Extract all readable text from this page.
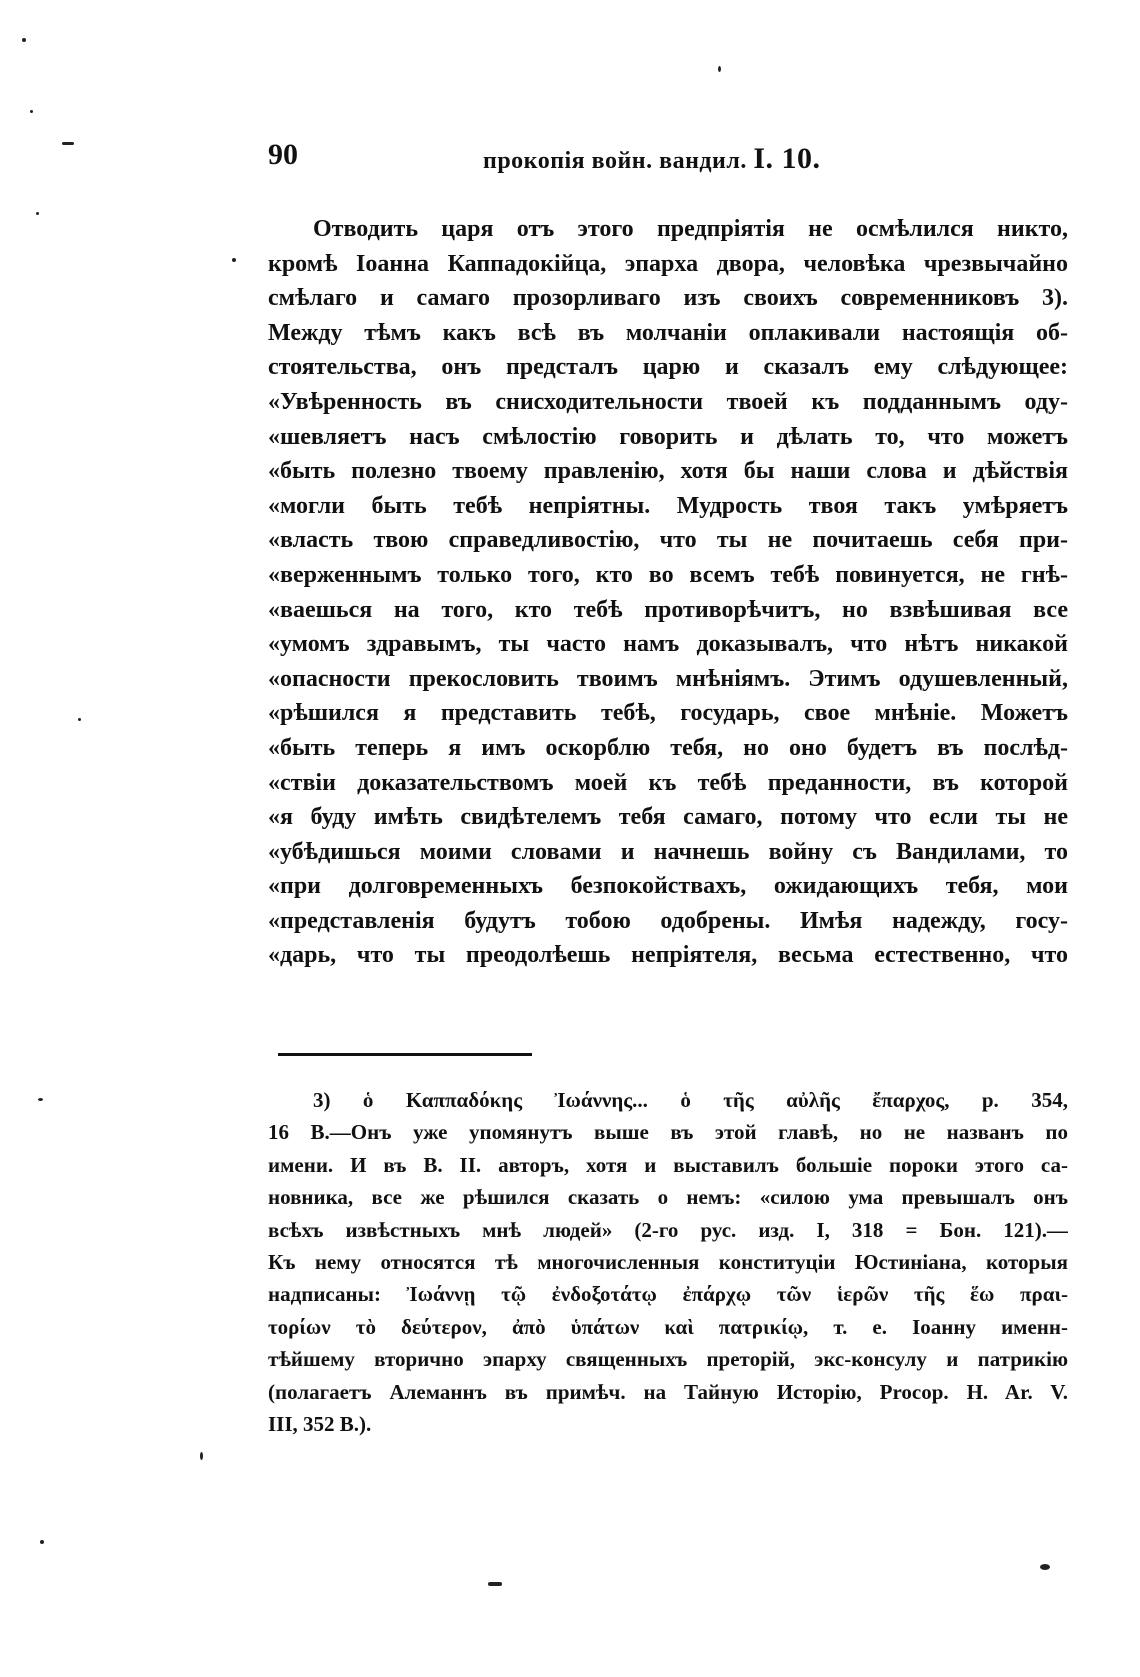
90	прокопія войн. вандил. I. 10.
Отводить царя отъ этого предпріятія не осмѣлился никто,
кромѣ Іоанна Каппадокійца, эпарха двора, человѣка чрезвычайно
смѣлаго и самаго прозорливаго изъ своихъ современниковъ 3).
Между тѣмъ какъ всѣ въ молчаніи оплакивали настоящія об-
стоятельства, онъ предсталъ царю и сказалъ ему слѣдующее:
«Увѣренность въ снисходительности твоей къ подданнымъ оду-
«шевляетъ насъ смѣлостію говорить и дѣлать то, что можетъ
«быть полезно твоему правленію, хотя бы наши слова и дѣйствія
«могли быть тебѣ непріятны. Мудрость твоя такъ умѣряетъ
«власть твою справедливостію, что ты не почитаешь себя при-
«верженнымъ только того, кто во всемъ тебѣ повинуется, не гнѣ-
«ваешься на того, кто тебѣ противорѣчитъ, но взвѣшивая все
«умомъ здравымъ, ты часто намъ доказывалъ, что нѣтъ никакой
«опасности прекословить твоимъ мнѣніямъ. Этимъ одушевленный,
«рѣшился я представить тебѣ, государь, свое мнѣніе. Можетъ
«быть теперь я имъ оскорблю тебя, но оно будетъ въ послѣд-
«ствіи доказательствомъ моей къ тебѣ преданности, въ которой
«я буду имѣть свидѣтелемъ тебя самаго, потому что если ты не
«убѣдишься моими словами и начнешь войну съ Вандилами, то
«при долговременныхъ безпокойствахъ, ожидающихъ тебя, мои
«представленія будутъ тобою одобрены. Имѣя надежду, госу-
«дарь, что ты преодолѣешь непріятеля, весьма естественно, что
3) ὁ Καππαδόκης Ἰωάννης... ὁ τῆς αὐλῆς ἔπαρχος, p. 354,
16 B.—Онъ уже упомянутъ выше въ этой главѣ, но не названъ по
имени. И въ В. II. авторъ, хотя и выставилъ большіе пороки этого са-
новника, все же рѣшился сказать о немъ: «силою ума превышалъ онъ
всѣхъ извѣстныхъ мнѣ людей» (2-го рус. изд. I, 318 = Бон. 121).—
Къ нему относятся тѣ многочисленныя конституціи Юстиніана, которыя
надписаны: Ἰωάννῃ τῷ ἐνδοξοτάτῳ ἐπάρχῳ τῶν ἱερῶν τῆς ἕω πραι-
τορίων τὸ δεύτερον, ἀπὸ ὑπάτων καὶ πατρικίῳ, т. е. Іоанну именн-
тѣйшему вторично эпарху священныхъ преторій, экс-консулу и патрикію
(полагаетъ Алеманнъ въ примѣч. на Тайную Исторію, Procop. H. Ar. V.
III, 352 B.).
